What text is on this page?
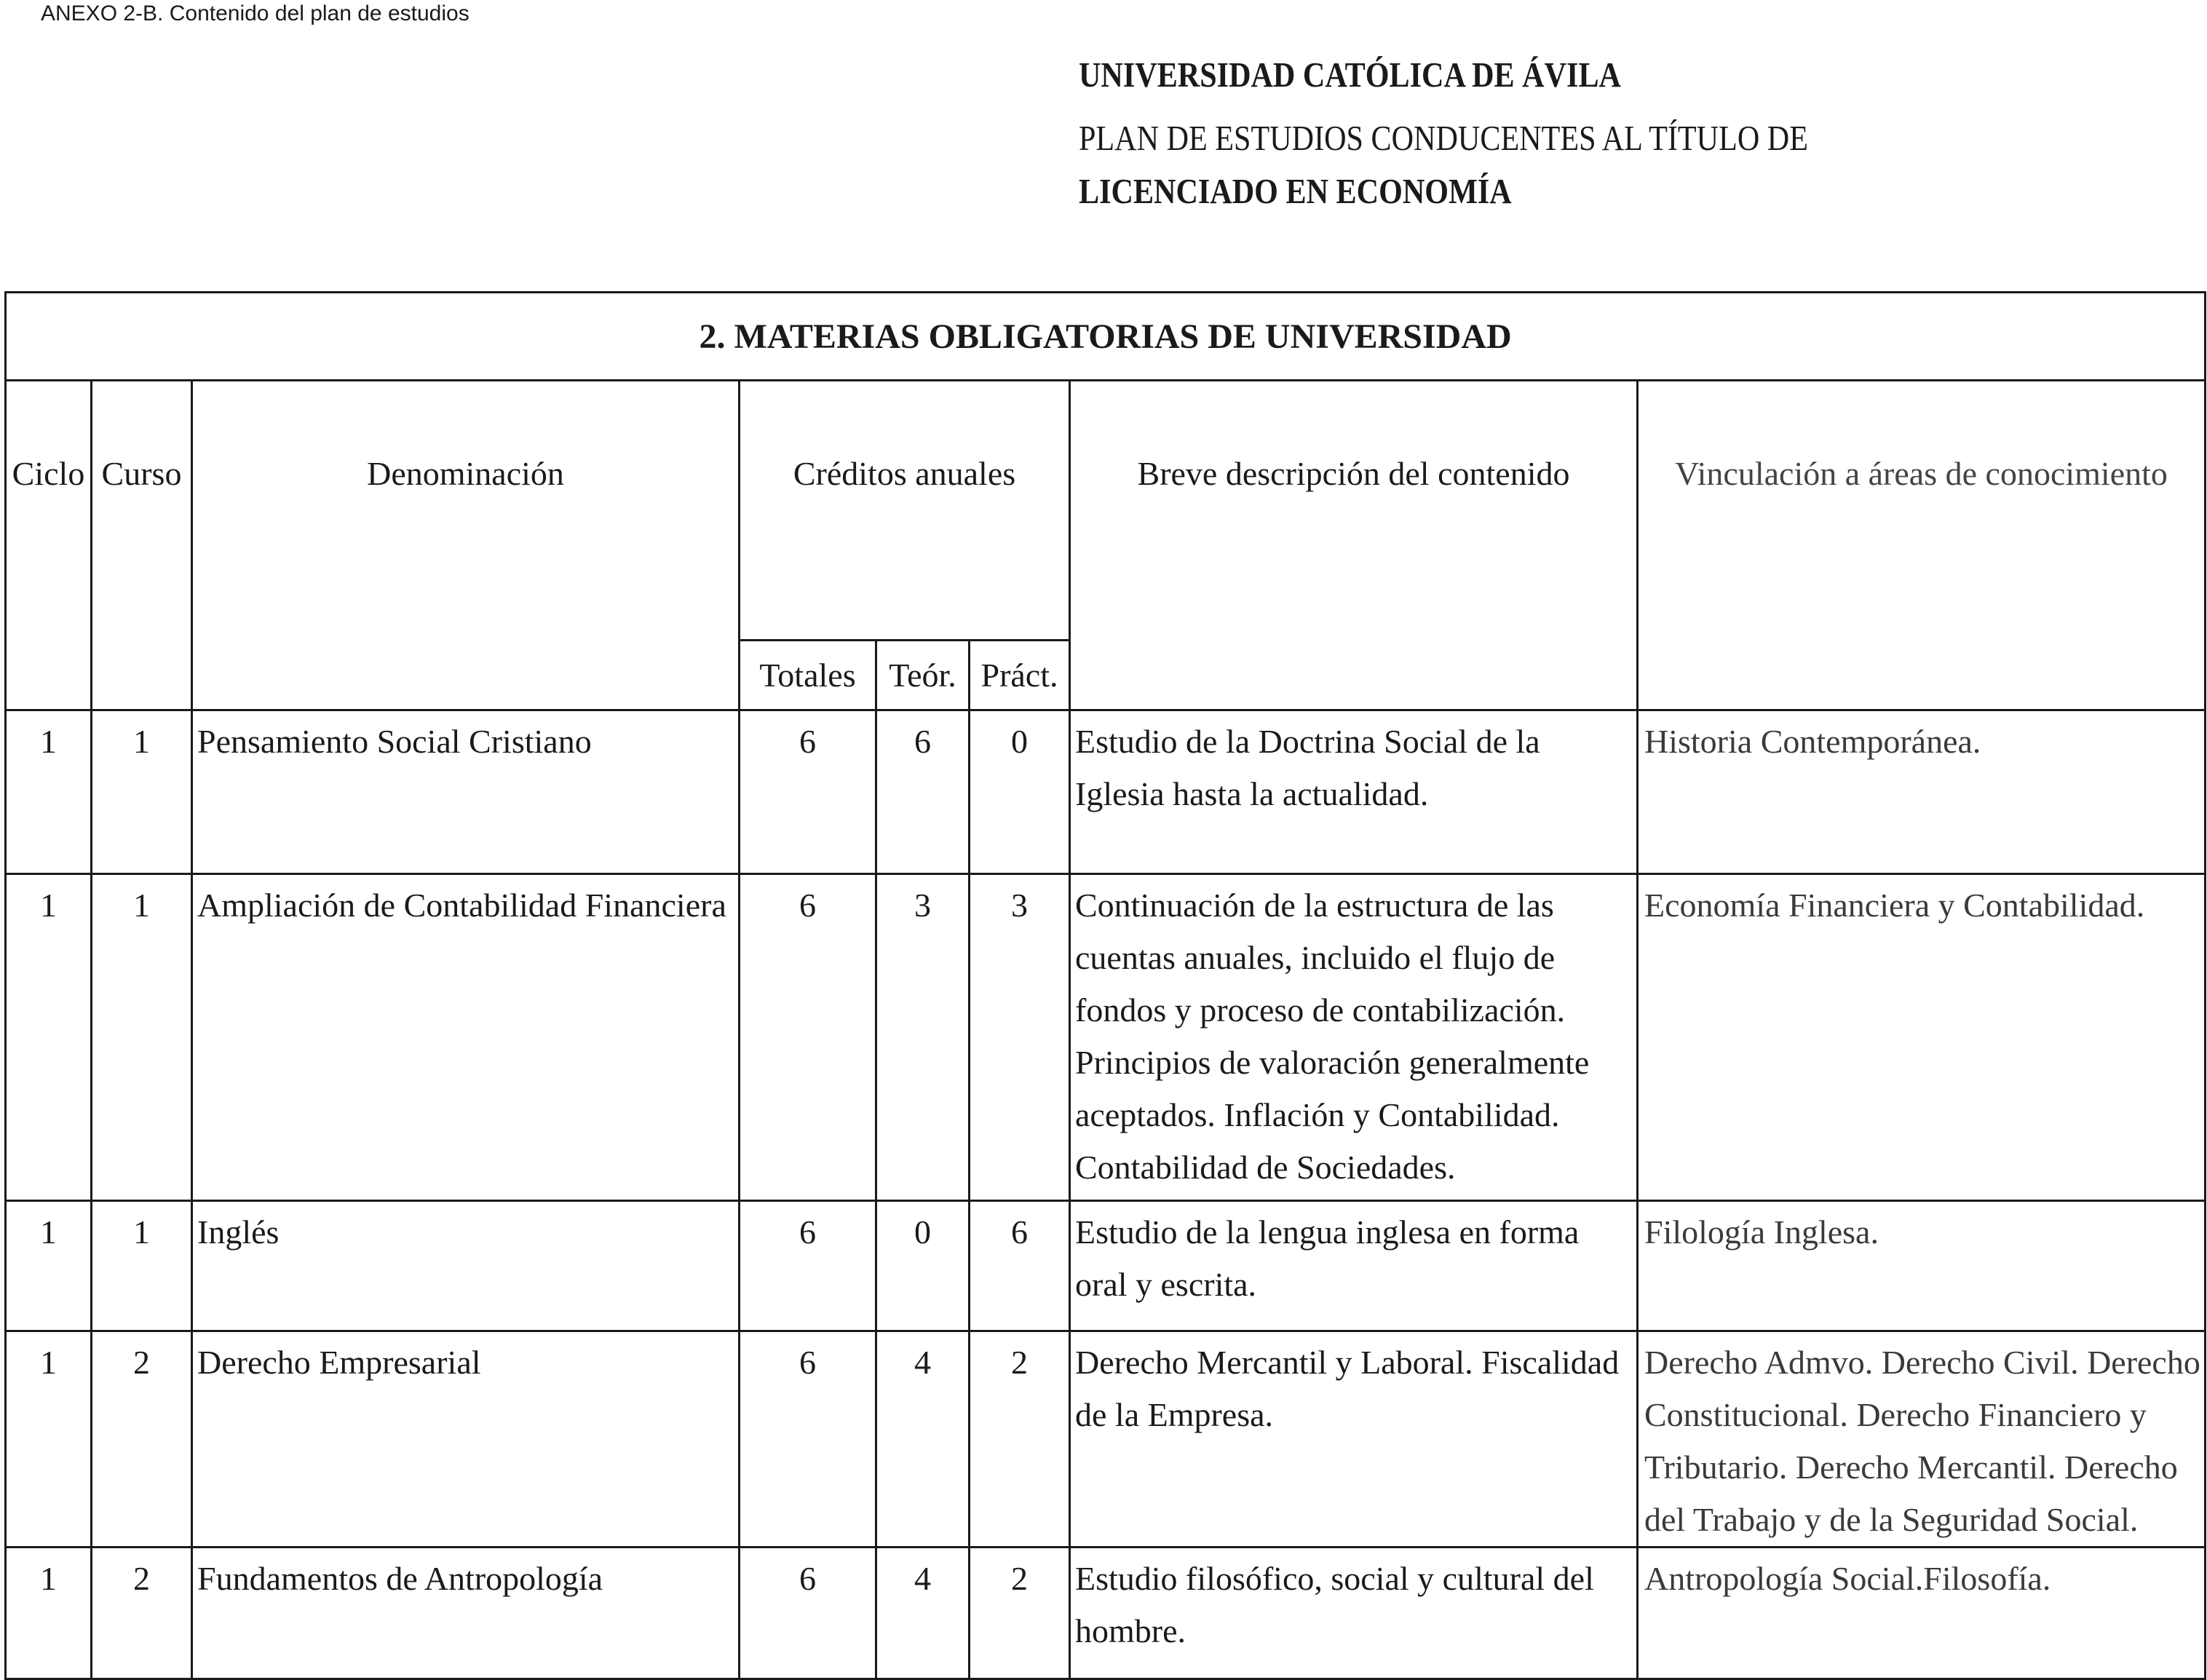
ANEXO 2-B. Contenido del plan de estudios
UNIVERSIDAD CATÓLICA DE ÁVILA
PLAN DE ESTUDIOS CONDUCENTES AL TÍTULO DE
LICENCIADO EN ECONOMÍA
2. MATERIAS OBLIGATORIAS DE UNIVERSIDAD							
Ciclo	Curso	Denominación	Créditos anuales			Breve descripción del contenido	Vinculación a áreas de conocimiento
			Totales	Teór.	Práct.		
1	1	Pensamiento Social Cristiano	6	6	0	Estudio de la Doctrina Social de la Iglesia hasta la actualidad.	Historia Contemporánea.
1	1	Ampliación de Contabilidad Financiera	6	3	3	Continuación de la estructura de las cuentas anuales, incluido el flujo de fondos y proceso de contabilización. Principios de valoración generalmente aceptados. Inflación y Contabilidad. Contabilidad de Sociedades.	Economía Financiera y Contabilidad.
1	1	Inglés	6	0	6	Estudio de la lengua inglesa en forma oral y escrita.	Filología Inglesa.
1	2	Derecho Empresarial	6	4	2	Derecho Mercantil y Laboral. Fiscalidad de la Empresa.	Derecho Admvo. Derecho Civil. Derecho Constitucional. Derecho Financiero y Tributario. Derecho Mercantil. Derecho del Trabajo y de la Seguridad Social.
1	2	Fundamentos de Antropología	6	4	2	Estudio filosófico, social y cultural del hombre.	Antropología Social.Filosofía.
